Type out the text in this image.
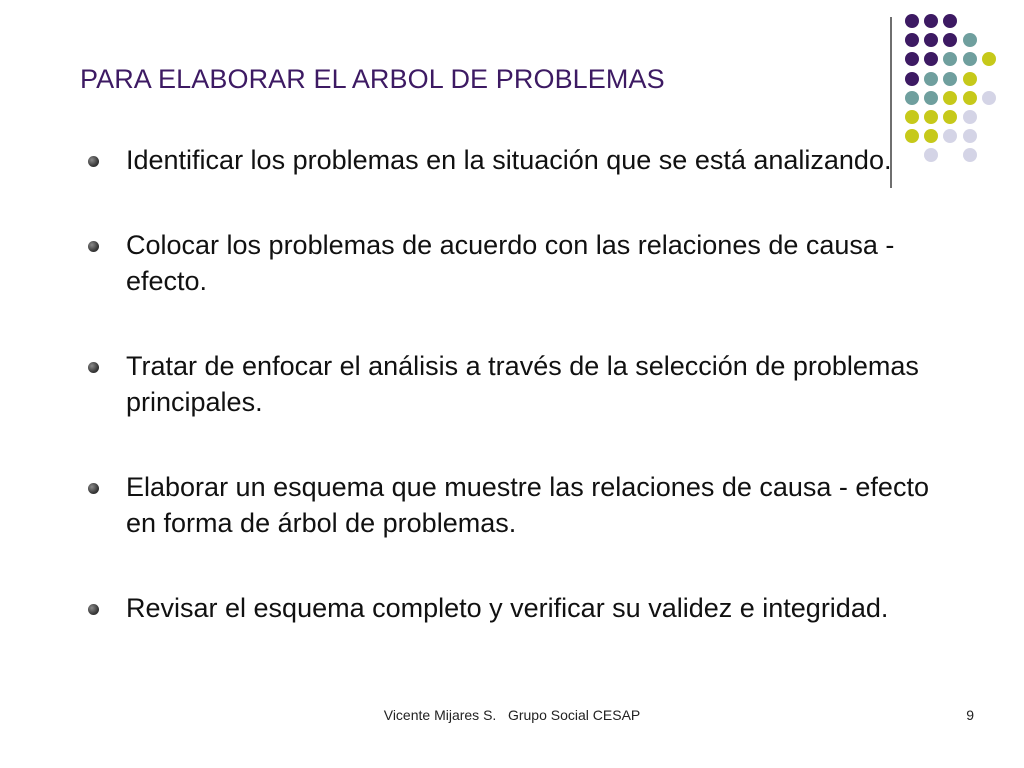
PARA ELABORAR EL ARBOL DE PROBLEMAS
Identificar los problemas en la situación que se está analizando.
Colocar los problemas de acuerdo con las relaciones de causa - efecto.
Tratar de enfocar el análisis a través de la selección de problemas principales.
Elaborar un esquema que muestre las relaciones de causa - efecto en forma de árbol de problemas.
Revisar el esquema completo y verificar su validez e integridad.
Vicente Mijares S.   Grupo Social CESAP	9
